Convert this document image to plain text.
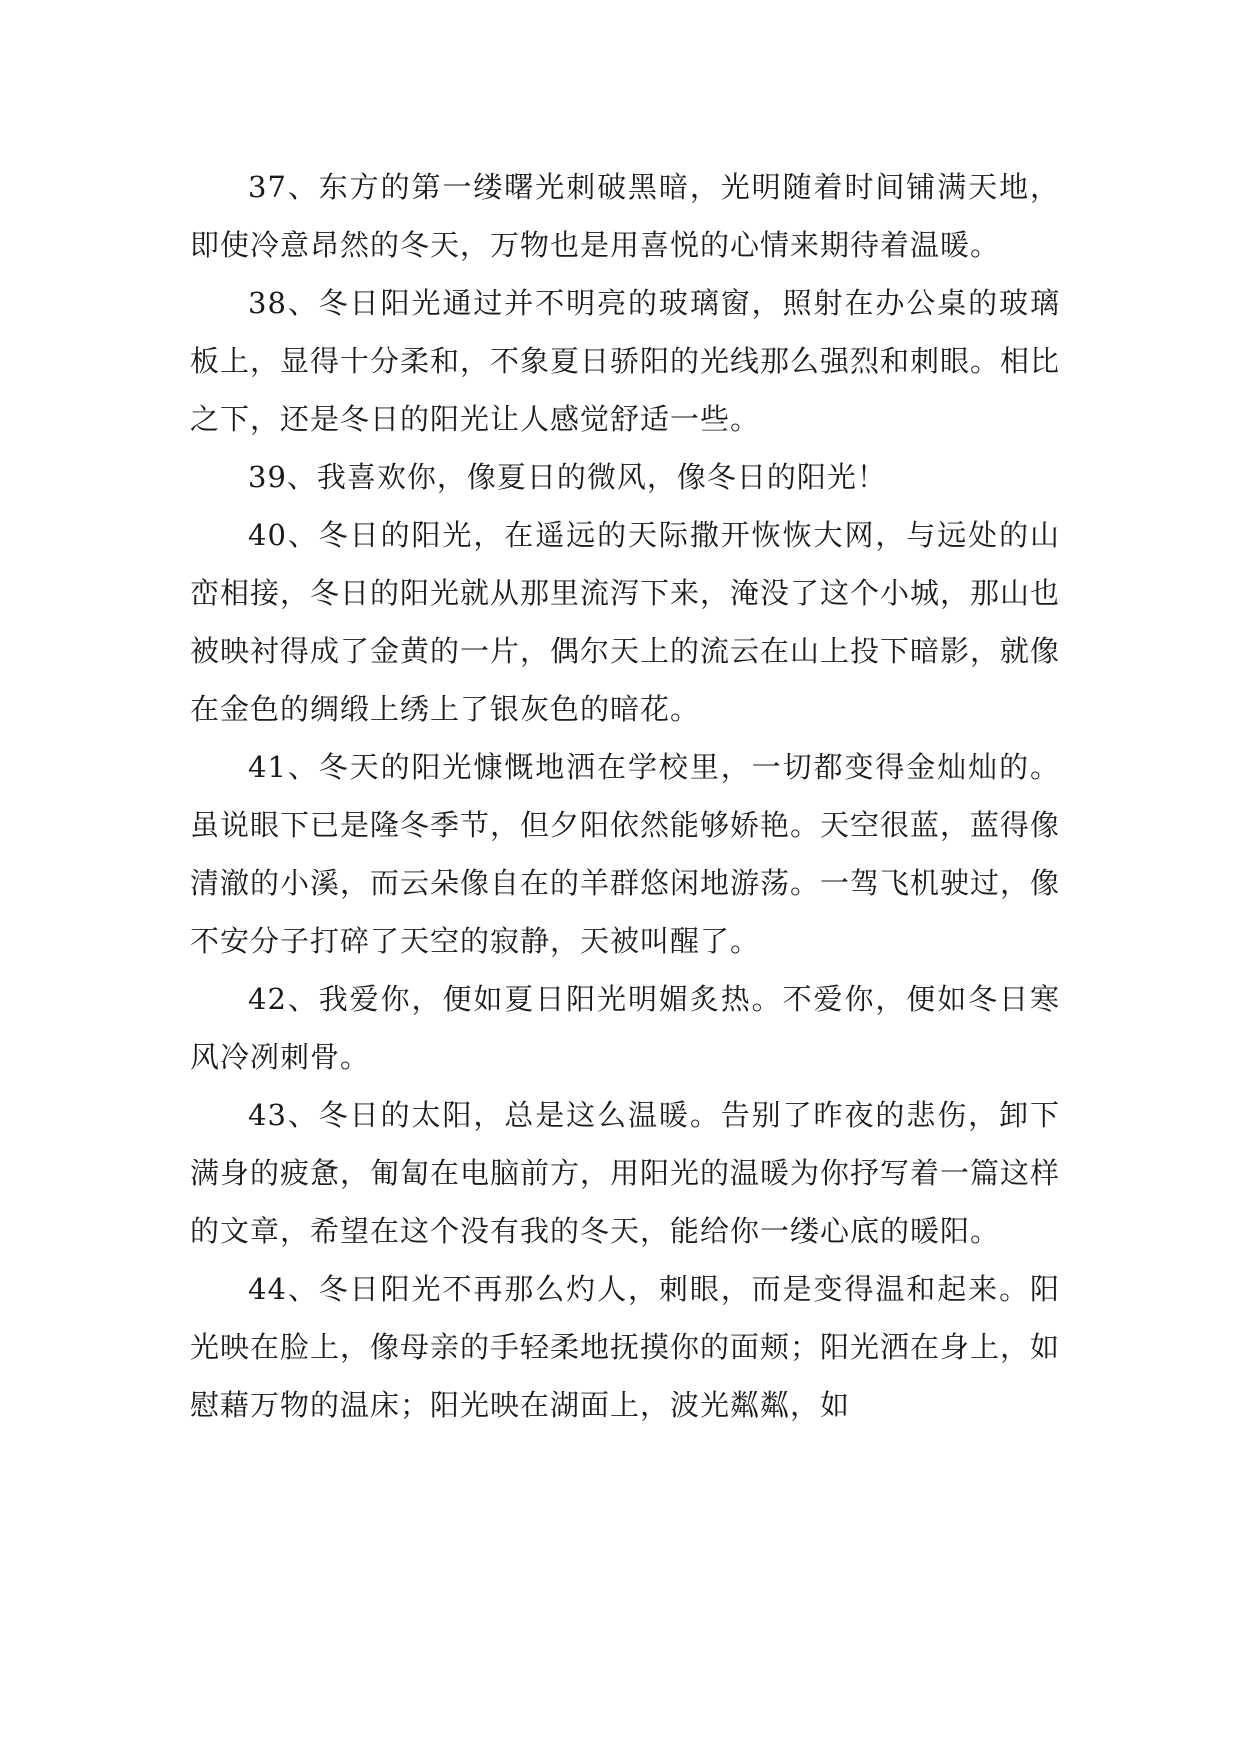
37、东方的第一缕曙光刺破黑暗，光明随着时间铺满天地，即使冷意昂然的冬天，万物也是用喜悦的心情来期待着温暖。

38、冬日阳光通过并不明亮的玻璃窗，照射在办公桌的玻璃板上，显得十分柔和，不象夏日骄阳的光线那么强烈和刺眼。相比之下，还是冬日的阳光让人感觉舒适一些。

39、我喜欢你，像夏日的微风，像冬日的阳光！

40、冬日的阳光，在遥远的天际撒开恢恢大网，与远处的山峦相接，冬日的阳光就从那里流泻下来，淹没了这个小城，那山也被映衬得成了金黄的一片，偶尔天上的流云在山上投下暗影，就像在金色的绸缎上绣上了银灰色的暗花。

41、冬天的阳光慷慨地洒在学校里，一切都变得金灿灿的。虽说眼下已是隆冬季节，但夕阳依然能够娇艳。天空很蓝，蓝得像清澈的小溪，而云朵像自在的羊群悠闲地游荡。一驾飞机驶过，像不安分子打碎了天空的寂静，天被叫醒了。

42、我爱你，便如夏日阳光明媚炙热。不爱你，便如冬日寒风冷冽刺骨。

43、冬日的太阳，总是这么温暖。告别了昨夜的悲伤，卸下满身的疲惫，匍匐在电脑前方，用阳光的温暖为你抒写着一篇这样的文章，希望在这个没有我的冬天，能给你一缕心底的暖阳。

44、冬日阳光不再那么灼人，刺眼，而是变得温和起来。阳光映在脸上，像母亲的手轻柔地抚摸你的面颊；阳光洒在身上，如慰藉万物的温床；阳光映在湖面上，波光粼粼，如
